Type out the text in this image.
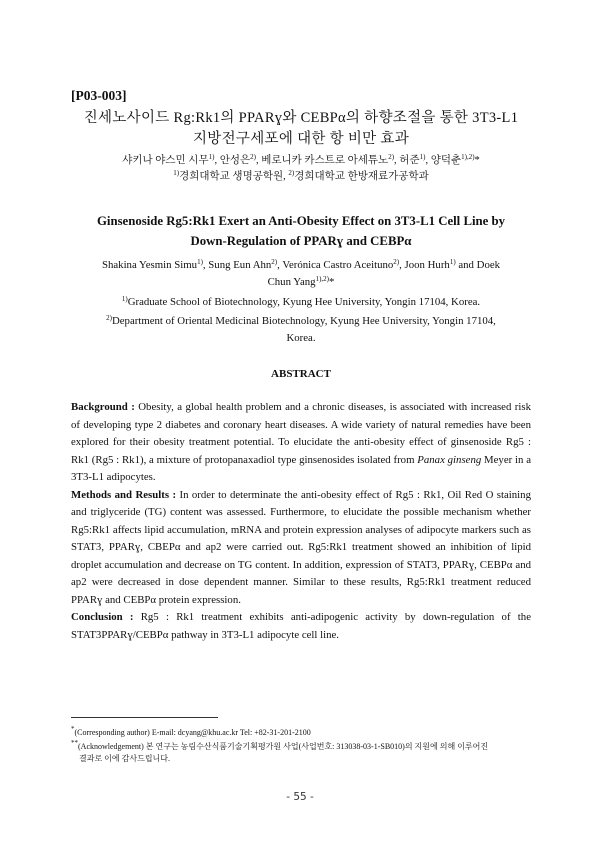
[P03-003]
진세노사이드 Rg:Rk1의 PPARɣ와 CEBPα의 하향조절을 통한 3T3-L1
지방전구세포에 대한 항 비만 효과
샤키나 야스민 시무$^{1)}$, 안성은$^{2)}$, 베로니카 카스트로 아세튜노$^{2)}$, 허준$^{1)}$, 양덕춘$^{1),2)}$*
$^{1)}$경희대학교 생명공학원, $^{2)}$경희대학교 한방재료가공학과
Ginsenoside Rg5:Rk1 Exert an Anti-Obesity Effect on 3T3-L1 Cell Line by
Down-Regulation of PPARɣ and CEBPα
Shakina Yesmin Simu$^{1)}$, Sung Eun Ahn$^{2)}$, Verónica Castro Aceituno$^{2)}$, Joon Hurh$^{1)}$ and Doek
Chun Yang$^{1),2)}$*
$^{1)}$Graduate School of Biotechnology, Kyung Hee University, Yongin 17104, Korea.
$^{2)}$Department of Oriental Medicinal Biotechnology, Kyung Hee University, Yongin 17104,
Korea.
ABSTRACT

Background : Obesity, a global health problem and a chronic diseases, is associated with increased risk of developing type 2 diabetes and coronary heart diseases. A wide variety of natural remedies have been explored for their obesity treatment potential. To elucidate the anti-obesity effect of ginsenoside Rg5 : Rk1 (Rg5 : Rk1), a mixture of protopanaxadiol type ginsenosides isolated from Panax ginseng Meyer in a 3T3-L1 adipocytes.

Methods and Results : In order to determinate the anti-obesity effect of Rg5 : Rk1, Oil Red O staining and triglyceride (TG) content was assessed. Furthermore, to elucidate the possible mechanism whether Rg5:Rk1 affects lipid accumulation, mRNA and protein expression analyses of adipocyte markers such as STAT3, PPARɣ, CBEPα and ap2 were carried out. Rg5:Rk1 treatment showed an inhibition of lipid droplet accumulation and decrease on TG content. In addition, expression of STAT3, PPARɣ, CEBPα and ap2 were decreased in dose dependent manner. Similar to these results, Rg5:Rk1 treatment reduced PPARɣ and CEBPα protein expression.

Conclusion : Rg5 : Rk1 treatment exhibits anti-adipogenic activity by down-regulation of the STAT3PPARɣ/CEBPα pathway in 3T3-L1 adipocyte cell line.

*(Corresponding author) E-mail: dcyang@khu.ac.kr Tel: +82-31-201-2100
**(Acknowledgement) 본 연구는 농림수산식품기술기획평가원 사업(사업번호: 313038-03-1-SB010)의 지원에 의해 이루어진
결과로 이에 감사드립니다.
- 55 -
